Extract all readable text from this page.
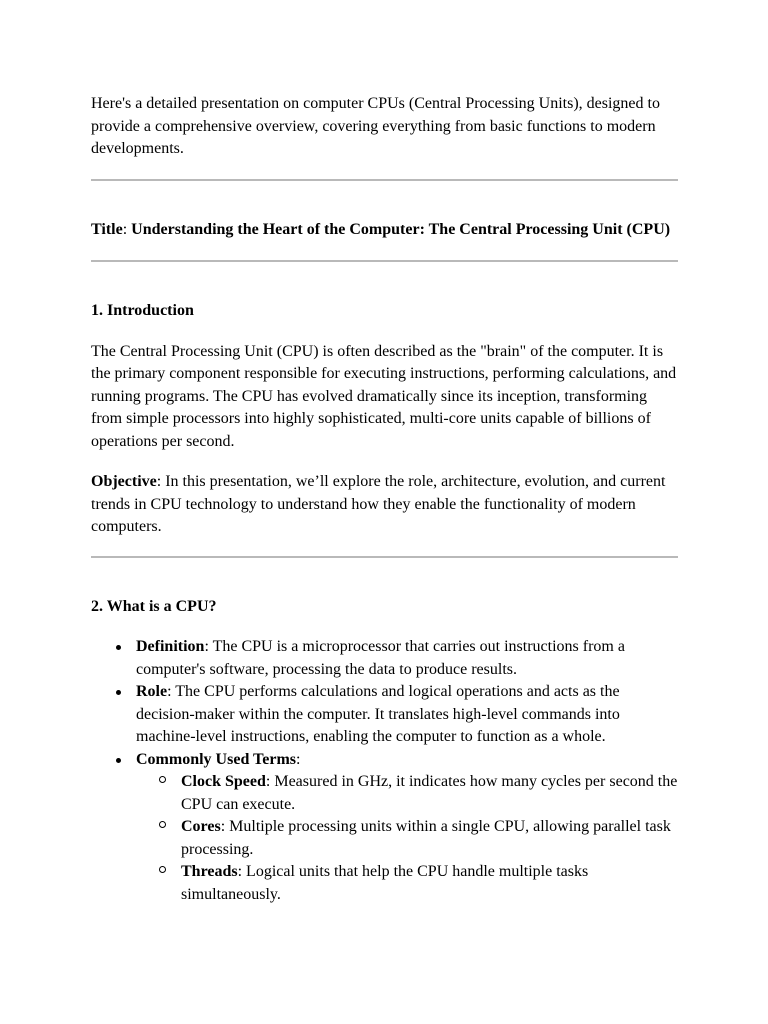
Here's a detailed presentation on computer CPUs (Central Processing Units), designed to provide a comprehensive overview, covering everything from basic functions to modern developments.

Title: Understanding the Heart of the Computer: The Central Processing Unit (CPU)

1. Introduction

The Central Processing Unit (CPU) is often described as the "brain" of the computer. It is the primary component responsible for executing instructions, performing calculations, and running programs. The CPU has evolved dramatically since its inception, transforming from simple processors into highly sophisticated, multi-core units capable of billions of operations per second.

Objective: In this presentation, we’ll explore the role, architecture, evolution, and current trends in CPU technology to understand how they enable the functionality of modern computers.

2. What is a CPU?

Definition: The CPU is a microprocessor that carries out instructions from a computer's software, processing the data to produce results.
Role: The CPU performs calculations and logical operations and acts as the decision-maker within the computer. It translates high-level commands into machine-level instructions, enabling the computer to function as a whole.
Commonly Used Terms:
Clock Speed: Measured in GHz, it indicates how many cycles per second the CPU can execute.
Cores: Multiple processing units within a single CPU, allowing parallel task processing.
Threads: Logical units that help the CPU handle multiple tasks simultaneously.
